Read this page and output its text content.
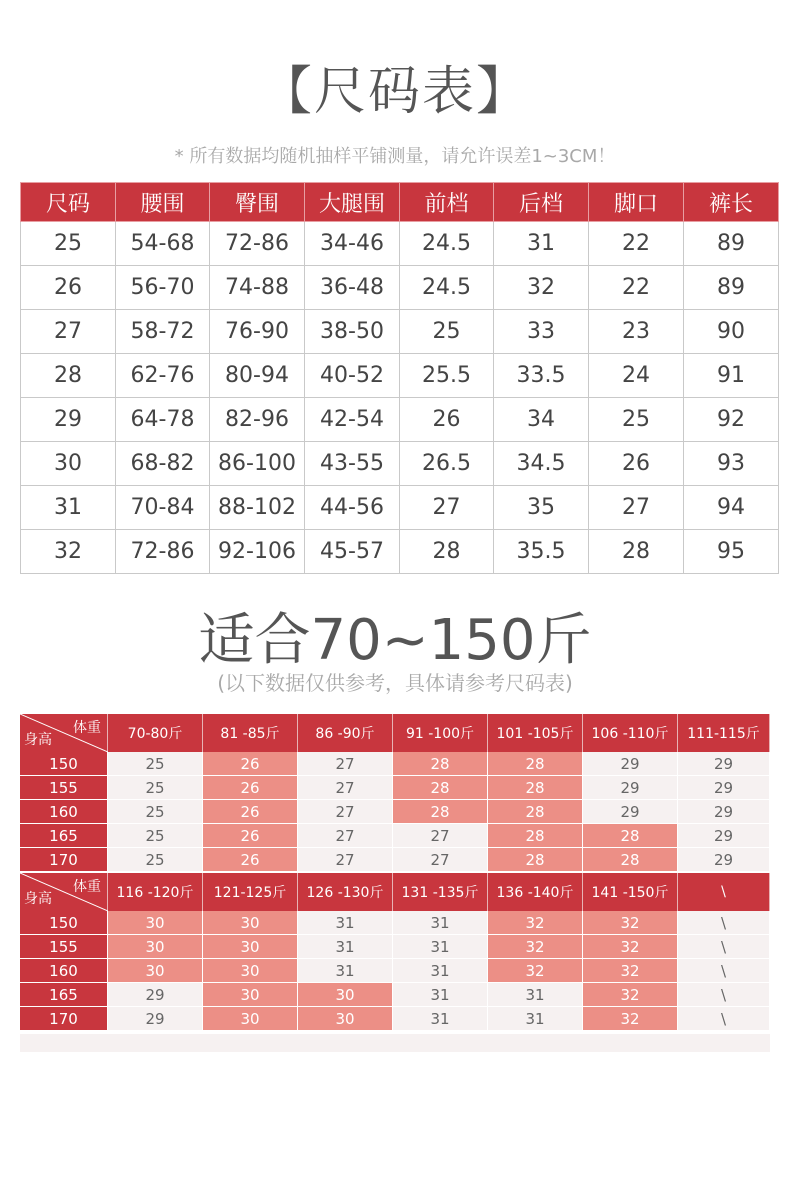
【尺码表】
* 所有数据均随机抽样平铺测量，请允许误差1~3CM！
尺码	腰围	臀围	大腿围	前档	后档	脚口	裤长
25	54-68	72-86	34-46	24.5	31	22	89
26	56-70	74-88	36-48	24.5	32	22	89
27	58-72	76-90	38-50	25	33	23	90
28	62-76	80-94	40-52	25.5	33.5	24	91
29	64-78	82-96	42-54	26	34	25	92
30	68-82	86-100	43-55	26.5	34.5	26	93
31	70-84	88-102	44-56	27	35	27	94
32	72-86	92-106	45-57	28	35.5	28	95
适合70~150斤
(以下数据仅供参考，具体请参考尺码表)
体重
身高	70-80斤	81 -85斤	86 -90斤	91 -100斤	101 -105斤	106 -110斤	111-115斤
150	25	26	27	28	28	29	29
155	25	26	27	28	28	29	29
160	25	26	27	28	28	29	29
165	25	26	27	27	28	28	29
170	25	26	27	27	28	28	29
体重
身高	116 -120斤	121-125斤	126 -130斤	131 -135斤	136 -140斤	141 -150斤	\
150	30	30	31	31	32	32	\
155	30	30	31	31	32	32	\
160	30	30	31	31	32	32	\
165	29	30	30	31	31	32	\
170	29	30	30	31	31	32	\
